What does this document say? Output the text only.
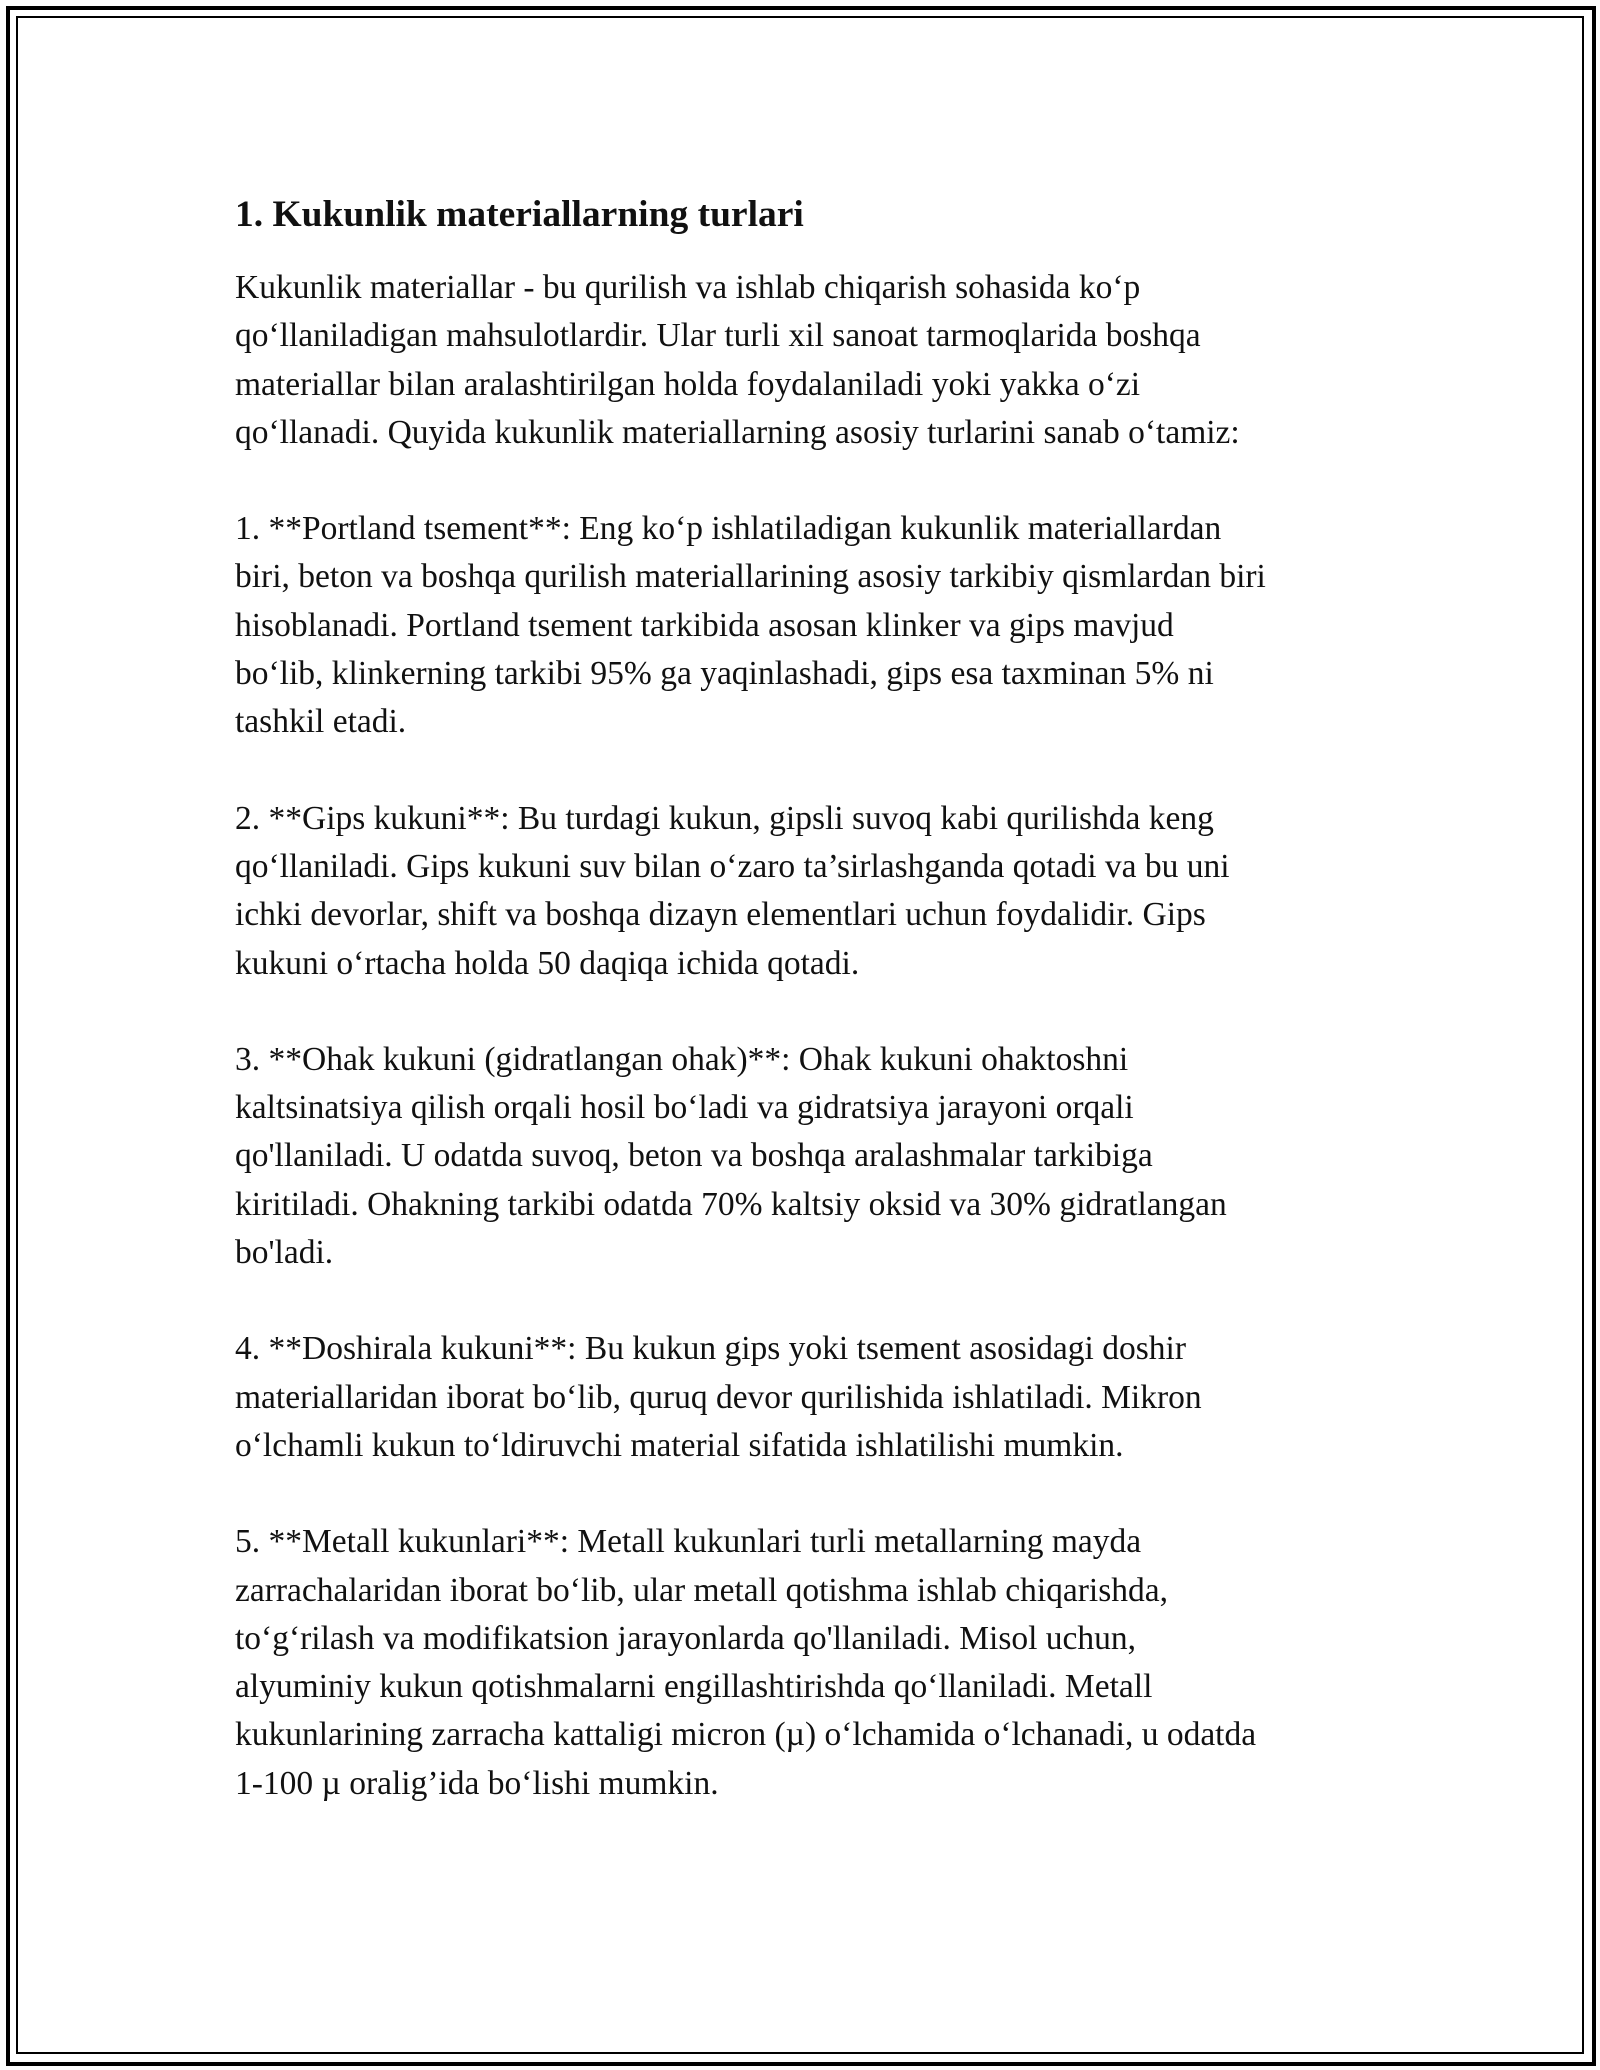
1. Kukunlik materiallarning turlari

Kukunlik materiallar - bu qurilish va ishlab chiqarish sohasida ko‘p
qo‘llaniladigan mahsulotlardir. Ular turli xil sanoat tarmoqlarida boshqa
materiallar bilan aralashtirilgan holda foydalaniladi yoki yakka o‘zi
qo‘llanadi. Quyida kukunlik materiallarning asosiy turlarini sanab o‘tamiz:

1. **Portland tsement**: Eng ko‘p ishlatiladigan kukunlik materiallardan
biri, beton va boshqa qurilish materiallarining asosiy tarkibiy qismlardan biri
hisoblanadi. Portland tsement tarkibida asosan klinker va gips mavjud
bo‘lib, klinkerning tarkibi 95% ga yaqinlashadi, gips esa taxminan 5% ni
tashkil etadi.

2. **Gips kukuni**: Bu turdagi kukun, gipsli suvoq kabi qurilishda keng
qo‘llaniladi. Gips kukuni suv bilan o‘zaro ta’sirlashganda qotadi va bu uni
ichki devorlar, shift va boshqa dizayn elementlari uchun foydalidir. Gips
kukuni o‘rtacha holda 50 daqiqa ichida qotadi.

3. **Ohak kukuni (gidratlangan ohak)**: Ohak kukuni ohaktoshni
kaltsinatsiya qilish orqali hosil bo‘ladi va gidratsiya jarayoni orqali
qo'llaniladi. U odatda suvoq, beton va boshqa aralashmalar tarkibiga
kiritiladi. Ohakning tarkibi odatda 70% kaltsiy oksid va 30% gidratlangan
bo'ladi.

4. **Doshirala kukuni**: Bu kukun gips yoki tsement asosidagi doshir
materiallaridan iborat bo‘lib, quruq devor qurilishida ishlatiladi. Mikron
o‘lchamli kukun to‘ldiruvchi material sifatida ishlatilishi mumkin.

5. **Metall kukunlari**: Metall kukunlari turli metallarning mayda
zarrachalaridan iborat bo‘lib, ular metall qotishma ishlab chiqarishda,
to‘g‘rilash va modifikatsion jarayonlarda qo'llaniladi. Misol uchun,
alyuminiy kukun qotishmalarni engillashtirishda qo‘llaniladi. Metall
kukunlarining zarracha kattaligi micron (µ) o‘lchamida o‘lchanadi, u odatda
1-100 µ oralig’ida bo‘lishi mumkin.
